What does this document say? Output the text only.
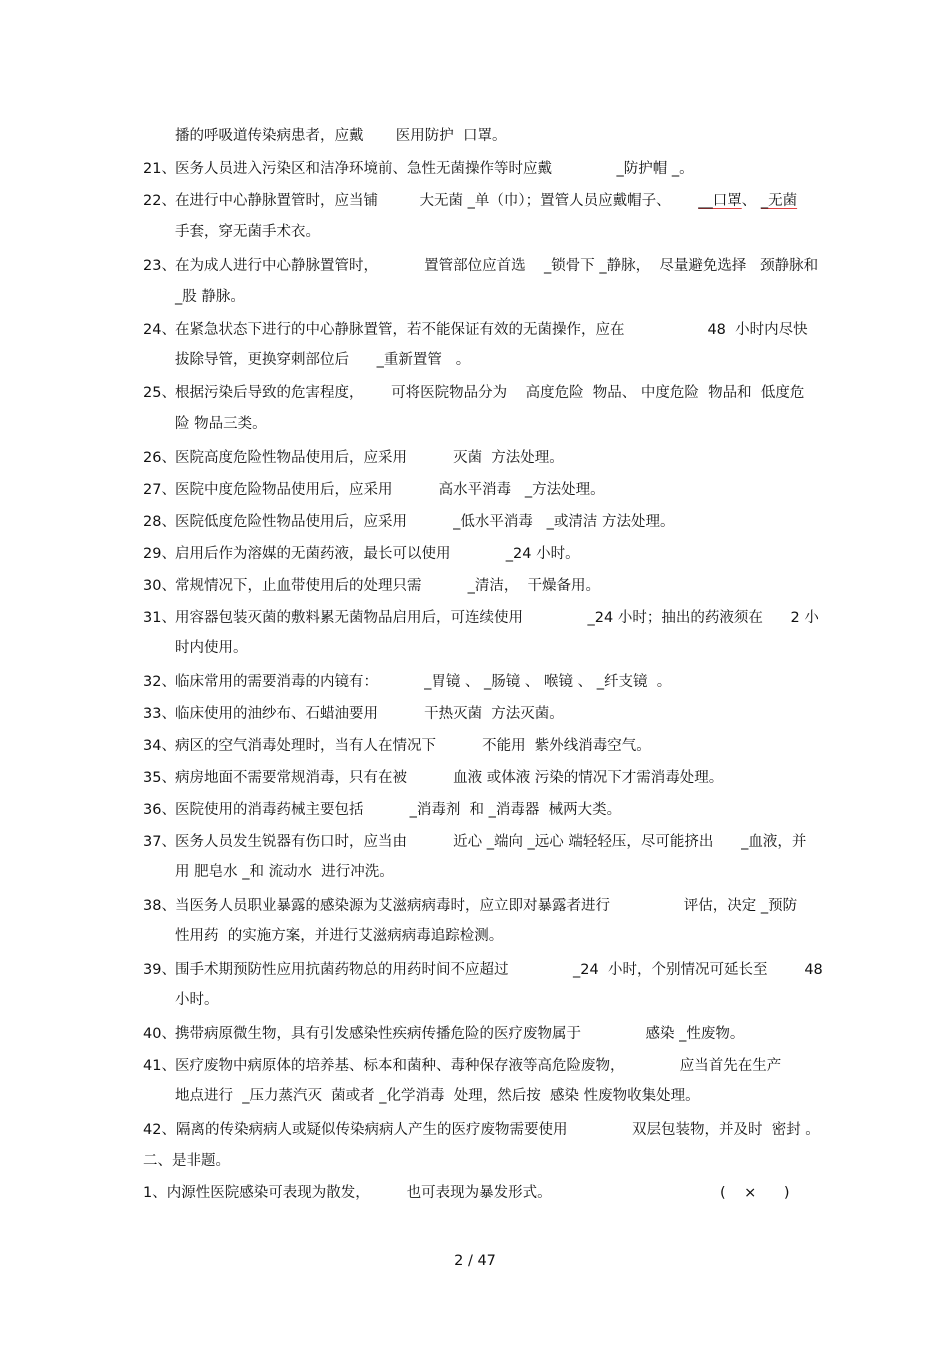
播的呼吸道传染病患者，应戴       医用防护  口罩。
21、 医务人员进入污染区和洁净环境前、急性无菌操作等时应戴              _防护帽 _。
22、 在进行中心静脉置管时，应当铺         大无菌 _单（巾）；置管人员应戴帽子、      __口罩、 _无菌
手套，穿无菌手术衣。
23、 在为成人进行中心静脉置管时，          置管部位应首选    _锁骨下 _静脉，  尽量避免选择   颈静脉和
_股 静脉。
24、 在紧急状态下进行的中心静脉置管，若不能保证有效的无菌操作，应在                  48  小时内尽快
拔除导管，更换穿刺部位后      _重新置管   。
25、 根据污染后导致的危害程度，      可将医院物品分为    高度危险  物品、 中度危险  物品和  低度危
险 物品三类。
26、 医院高度危险性物品使用后，应采用          灭菌  方法处理。
27、 医院中度危险物品使用后，应采用          高水平消毒   _方法处理。
28、 医院低度危险性物品使用后，应采用          _低水平消毒   _或清洁 方法处理。
29、 启用后作为溶媒的无菌药液，最长可以使用            _24 小时。
30、 常规情况下，止血带使用后的处理只需          _清洁，  干燥备用。
31、 用容器包装灭菌的敷料累无菌物品启用后，可连续使用              _24 小时；抽出的药液须在      2 小
时内使用。
32、 临床常用的需要消毒的内镜有：          _胃镜 、 _肠镜 、 喉镜 、 _纤支镜  。
33、 临床使用的油纱布、石蜡油要用          干热灭菌  方法灭菌。
34、 病区的空气消毒处理时，当有人在情况下          不能用  紫外线消毒空气。
35、 病房地面不需要常规消毒，只有在被          血液 或体液 污染的情况下才需消毒处理。
36、 医院使用的消毒药械主要包括          _消毒剂  和 _消毒器  械两大类。
37、 医务人员发生锐器有伤口时，应当由          近心 _端向 _远心 端轻轻压，尽可能挤出      _血液，并
用 肥皂水 _和 流动水  进行冲洗。
38、 当医务人员职业暴露的感染源为艾滋病病毒时，应立即对暴露者进行                评估，决定 _预防
性用药  的实施方案，并进行艾滋病病毒追踪检测。
39、 围手术期预防性应用抗菌药物总的用药时间不应超过              _24  小时，个别情况可延长至        48
小时。
40、 携带病原微生物，具有引发感染性疾病传播危险的医疗废物属于              感染 _性废物。
41、 医疗废物中病原体的培养基、标本和菌种、毒种保存液等高危险废物，            应当首先在生产
地点进行  _压力蒸汽灭  菌或者 _化学消毒  处理，然后按  感染 性废物收集处理。
42、隔离的传染病病人或疑似传染病病人产生的医疗废物需要使用              双层包装物，并及时  密封 。
二、是非题。
1、内源性医院感染可表现为散发，        也可表现为暴发形式。	(    ×      )
2 / 47
